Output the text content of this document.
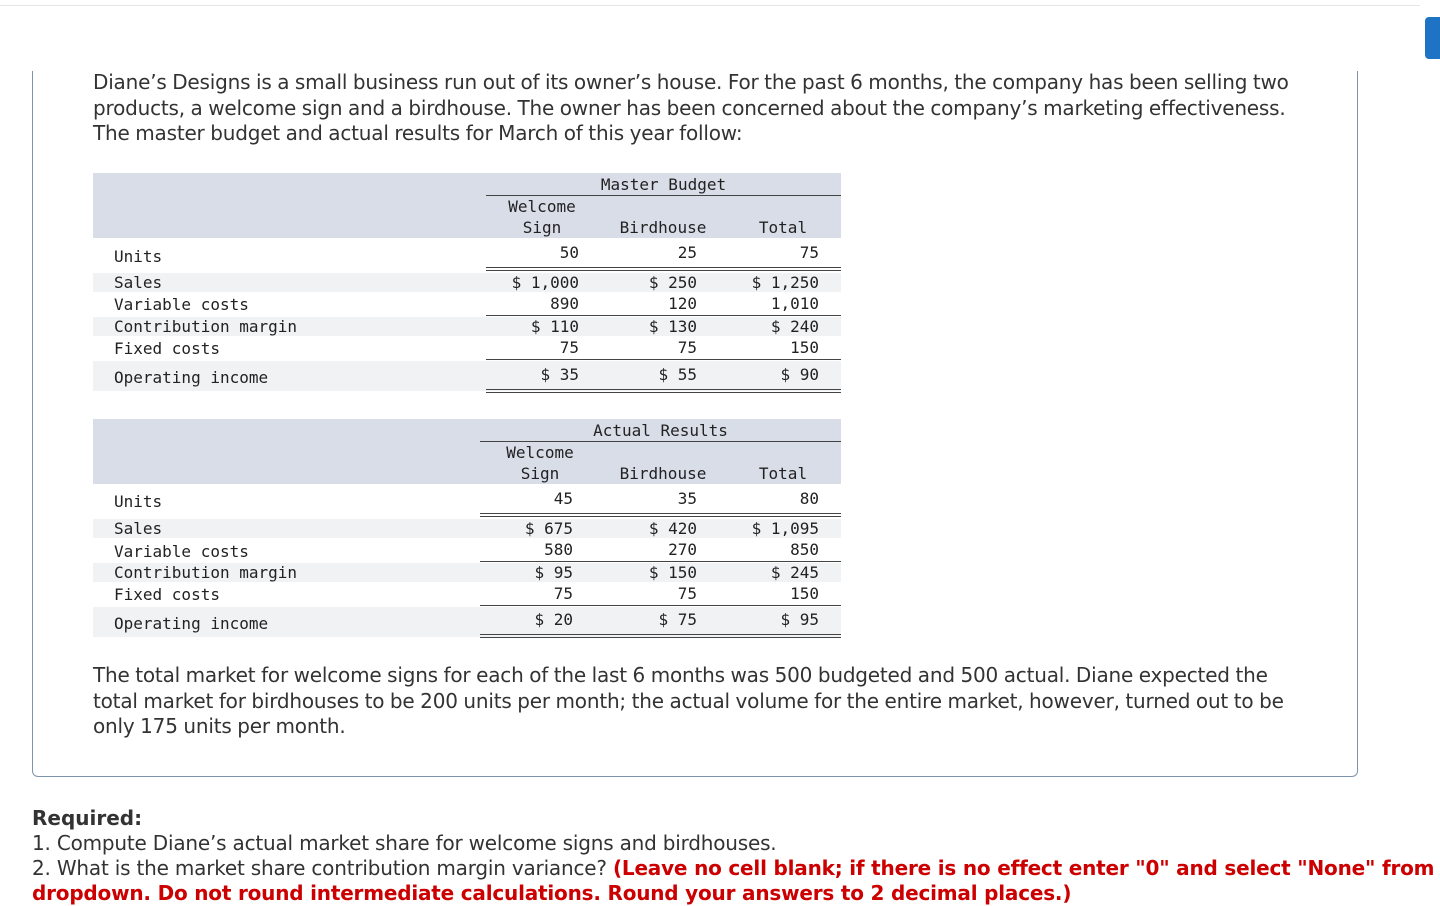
Diane’s Designs is a small business run out of its owner’s house. For the past 6 months, the company has been selling two products, a welcome sign and a birdhouse. The owner has been concerned about the company’s marketing effectiveness. The master budget and actual results for March of this year follow:

Master Budget
Welcome
Sign	Birdhouse	Total
Units	50	25	75
Sales	$ 1,000	$ 250	$ 1,250
Variable costs	890	120	1,010
Contribution margin	$ 110	$ 130	$ 240
Fixed costs	75	75	150
Operating income	$ 35	$ 55	$ 90
Actual Results
Welcome
Sign	Birdhouse	Total
Units	45	35	80
Sales	$ 675	$ 420	$ 1,095
Variable costs	580	270	850
Contribution margin	$ 95	$ 150	$ 245
Fixed costs	75	75	150
Operating income	$ 20	$ 75	$ 95

The total market for welcome signs for each of the last 6 months was 500 budgeted and 500 actual. Diane expected the total market for birdhouses to be 200 units per month; the actual volume for the entire market, however, turned out to be only 175 units per month.

Required:

1. Compute Diane’s actual market share for welcome signs and birdhouses.

2. What is the market share contribution margin variance? (Leave no cell blank; if there is no effect enter "0" and select "None" from

dropdown. Do not round intermediate calculations. Round your answers to 2 decimal places.)
